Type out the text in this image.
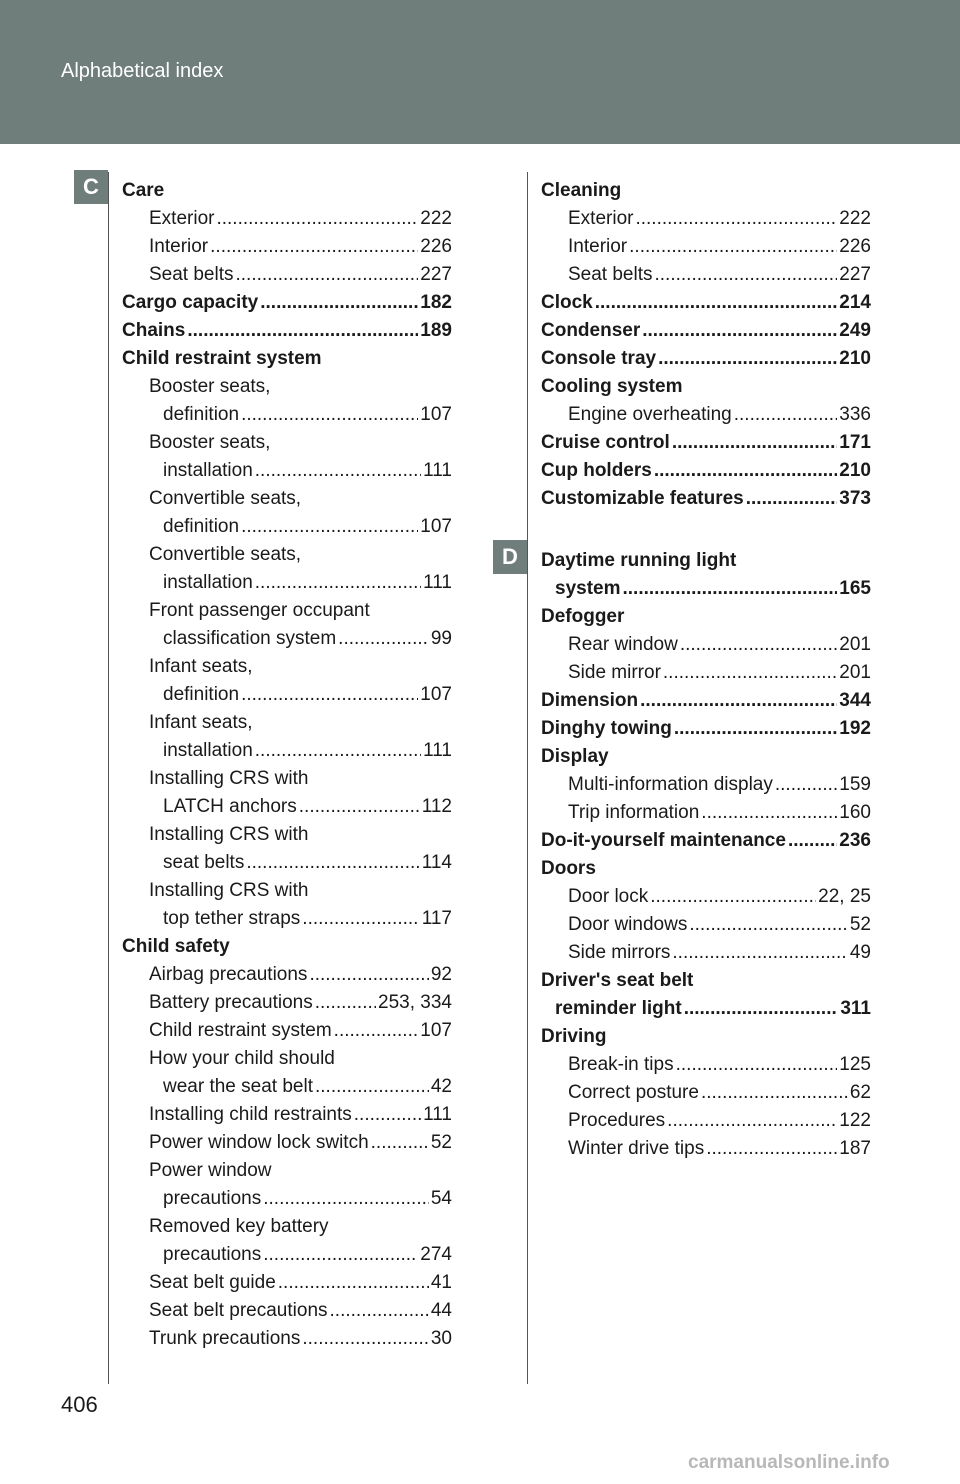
Alphabetical index
C
D
Care
Exterior .....	222
Interior .....	226
Seat belts .....	227
Cargo capacity .....	182
Chains .....	189
Child restraint system
Booster seats,
definition .....	107
Booster seats,
installation .....	111
Convertible seats,
definition .....	107
Convertible seats,
installation .....	111
Front passenger occupant
classification system .....	99
Infant seats,
definition .....	107
Infant seats,
installation .....	111
Installing CRS with
LATCH anchors .....	112
Installing CRS with
seat belts .....	114
Installing CRS with
top tether straps .....	117
Child safety
Airbag precautions .....	92
Battery precautions .....	253, 334
Child restraint system .....	107
How your child should
wear the seat belt .....	42
Installing child restraints .....	111
Power window lock switch .....	52
Power window
precautions .....	54
Removed key battery
precautions .....	274
Seat belt guide .....	41
Seat belt precautions .....	44
Trunk precautions .....	30
Cleaning
Exterior .....	222
Interior .....	226
Seat belts .....	227
Clock .....	214
Condenser .....	249
Console tray .....	210
Cooling system
Engine overheating .....	336
Cruise control .....	171
Cup holders .....	210
Customizable features .....	373
Daytime running light
system .....	165
Defogger
Rear window .....	201
Side mirror .....	201
Dimension .....	344
Dinghy towing .....	192
Display
Multi-information display .....	159
Trip information .....	160
Do-it-yourself maintenance .....	236
Doors
Door lock .....	22, 25
Door windows .....	52
Side mirrors .....	49
Driver's seat belt
reminder light .....	311
Driving
Break-in tips .....	125
Correct posture .....	62
Procedures .....	122
Winter drive tips .....	187
406
carmanualsonline.info
